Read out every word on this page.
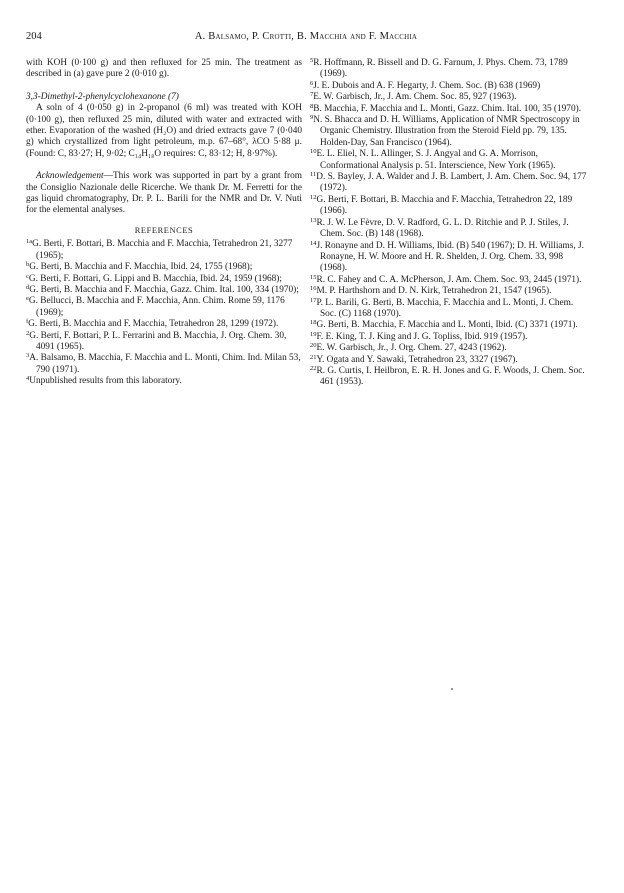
204	A. Balsamo, P. Crotti, B. Macchia and F. Macchia

with KOH (0·100 g) and then refluxed for 25 min. The treatment as described in (a) gave pure 2 (0·010 g).

3,3-Dimethyl-2-phenylcyclohexanone (7)

A soln of 4 (0·050 g) in 2-propanol (6 ml) was treated with KOH (0·100 g), then refluxed 25 min, diluted with water and extracted with ether. Evaporation of the washed (H₂O) and dried extracts gave 7 (0·040 g) which crystallized from light petroleum, m.p. 67–68°, λCO 5·88 μ. (Found: C, 83·27; H, 9·02; C₁₄H₁₈O requires: C, 83·12; H, 8·97%).

Acknowledgement—This work was supported in part by a grant from the Consiglio Nazionale delle Ricerche. We thank Dr. M. Ferretti for the gas liquid chromatography, Dr. P. L. Barili for the NMR and Dr. V. Nuti for the elemental analyses.

REFERENCES

$^{1a}$G. Berti, F. Bottari, B. Macchia and F. Macchia, Tetrahedron 21, 3277 (1965);

$^b$G. Berti, B. Macchia and F. Macchia, Ibid. 24, 1755 (1968);

$^c$G. Berti, F. Bottari, G. Lippi and B. Macchia, Ibid. 24, 1959 (1968);

$^d$G. Berti, B. Macchia and F. Macchia, Gazz. Chim. Ital. 100, 334 (1970);

$^e$G. Bellucci, B. Macchia and F. Macchia, Ann. Chim. Rome 59, 1176 (1969);

$^f$G. Berti, B. Macchia and F. Macchia, Tetrahedron 28, 1299 (1972).

$^2$G. Berti, F. Bottari, P. L. Ferrarini and B. Macchia, J. Org. Chem. 30, 4091 (1965).

$^3$A. Balsamo, B. Macchia, F. Macchia and L. Monti, Chim. Ind. Milan 53, 790 (1971).

$^4$Unpublished results from this laboratory.

$^5$R. Hoffmann, R. Bissell and D. G. Farnum, J. Phys. Chem. 73, 1789 (1969).

$^6$J. E. Dubois and A. F. Hegarty, J. Chem. Soc. (B) 638 (1969)

$^7$E. W. Garbisch, Jr., J. Am. Chem. Soc. 85, 927 (1963).

$^8$B. Macchia, F. Macchia and L. Monti, Gazz. Chim. Ital. 100, 35 (1970).

$^9$N. S. Bhacca and D. H. Williams, Application of NMR Spectroscopy in Organic Chemistry. Illustration from the Steroid Field pp. 79, 135. Holden-Day, San Francisco (1964).

$^{10}$E. L. Eliel, N. L. Allinger, S. J. Angyal and G. A. Morrison, Conformational Analysis p. 51. Interscience, New York (1965).

$^{11}$D. S. Bayley, J. A. Walder and J. B. Lambert, J. Am. Chem. Soc. 94, 177 (1972).

$^{12}$G. Berti, F. Bottari, B. Macchia and F. Macchia, Tetrahedron 22, 189 (1966).

$^{13}$R. J. W. Le Fèvre, D. V. Radford, G. L. D. Ritchie and P. J. Stiles, J. Chem. Soc. (B) 148 (1968).

$^{14}$J. Ronayne and D. H. Williams, Ibid. (B) 540 (1967); D. H. Williams, J. Ronayne, H. W. Moore and H. R. Shelden, J. Org. Chem. 33, 998 (1968).

$^{15}$R. C. Fahey and C. A. McPherson, J. Am. Chem. Soc. 93, 2445 (1971).

$^{16}$M. P. Harthshorn and D. N. Kirk, Tetrahedron 21, 1547 (1965).

$^{17}$P. L. Barili, G. Berti, B. Macchia, F. Macchia and L. Monti, J. Chem. Soc. (C) 1168 (1970).

$^{18}$G. Berti, B. Macchia, F. Macchia and L. Monti, Ibid. (C) 3371 (1971).

$^{19}$F. E. King, T. J. King and J. G. Topliss, Ibid. 919 (1957).

$^{20}$E. W. Garbisch, Jr., J. Org. Chem. 27, 4243 (1962).

$^{21}$Y. Ogata and Y. Sawaki, Tetrahedron 23, 3327 (1967).

$^{22}$R. G. Curtis, I. Heilbron, E. R. H. Jones and G. F. Woods, J. Chem. Soc. 461 (1953).
